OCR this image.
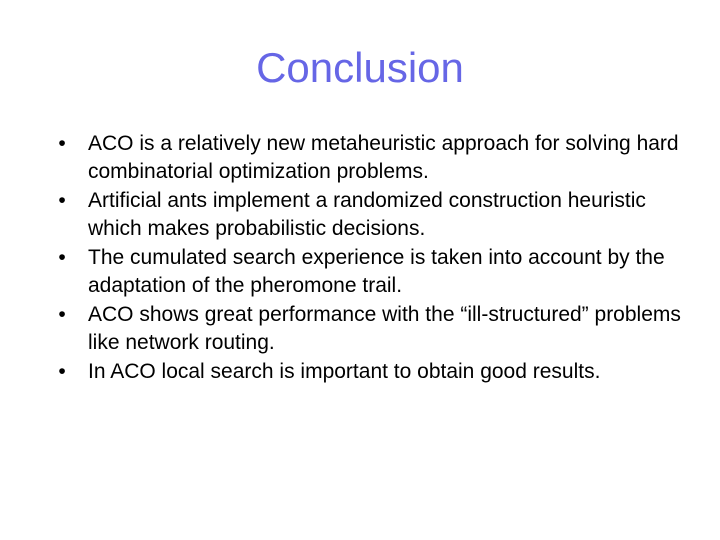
Conclusion
• ACO is a relatively new metaheuristic approach for solving hard combinatorial optimization problems.
• Artificial ants implement a randomized construction heuristic which makes probabilistic decisions.
• The cumulated search experience is taken into account by the adaptation of the pheromone trail.
• ACO shows great performance with the “ill-structured” problems like network routing.
• In ACO local search is important to obtain good results.
